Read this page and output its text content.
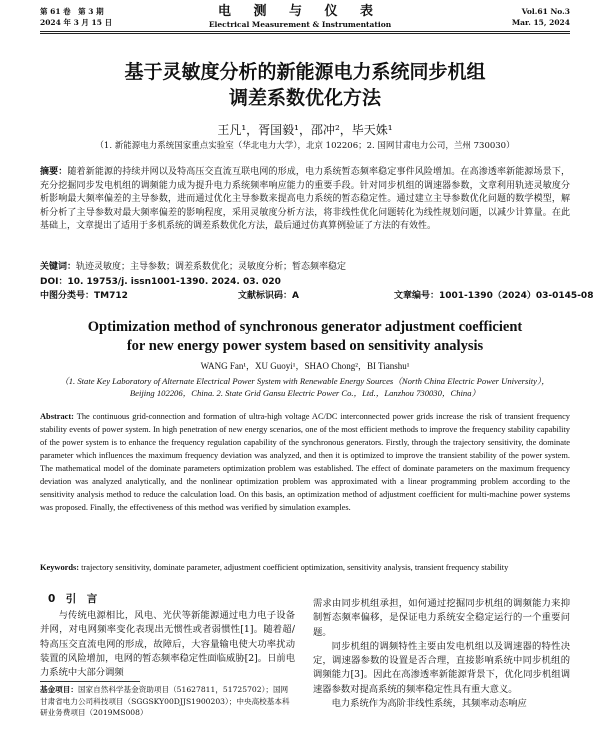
第 61 卷　第 3 期
2024 年 3 月 15 日
电 测 与 仪 表
Electrical Measurement & Instrumentation
Vol.61 No.3
Mar. 15, 2024
基于灵敏度分析的新能源电力系统同步机组
调差系数优化方法
王凡¹，胥国毅¹，邵冲²，毕天姝¹
（1. 新能源电力系统国家重点实验室（华北电力大学），北京 102206；2. 国网甘肃电力公司，兰州 730030）
摘要：随着新能源的持续并网以及特高压交直流互联电网的形成，电力系统暂态频率稳定事件风险增加。在高渗透率新能源场景下，充分挖掘同步发电机组的调频能力成为提升电力系统频率响应能力的重要手段。针对同步机组的调速器参数，文章利用轨迹灵敏度分析影响最大频率偏差的主导参数，进而通过优化主导参数来提高电力系统的暂态稳定性。通过建立主导参数优化问题的数学模型，解析分析了主导参数对最大频率偏差的影响程度，采用灵敏度分析方法，将非线性优化问题转化为线性规划问题，以减少计算量。在此基础上，文章提出了适用于多机系统的调差系数优化方法，最后通过仿真算例验证了方法的有效性。
关键词：轨迹灵敏度；主导参数；调差系数优化；灵敏度分析；暂态频率稳定
DOI：10. 19753/j. issn1001-1390. 2024. 03. 020
中图分类号：TM712	文献标识码：A	文章编号：1001-1390（2024）03-0145-08
Optimization method of synchronous generator adjustment coefficient
for new energy power system based on sensitivity analysis
WANG Fan¹，XU Guoyi¹，SHAO Chong²，BI Tianshu¹
（1. State Key Laboratory of Alternate Electrical Power System with Renewable Energy Sources（North China Electric Power University），Beijing 102206，China. 2. State Grid Gansu Electric Power Co.，Ltd.，Lanzhou 730030，China）
Abstract: The continuous grid-connection and formation of ultra-high voltage AC/DC interconnected power grids increase the risk of transient frequency stability events of power system. In high penetration of new energy scenarios, one of the most efficient methods to improve the frequency stability capability of the power system is to enhance the frequency regulation capability of the synchronous generators. Firstly, through the trajectory sensitivity, the dominate parameter which influences the maximum frequency deviation was analyzed, and then it is optimized to improve the transient stability of the power system. The mathematical model of the dominate parameters optimization problem was established. The effect of dominate parameters on the maximum frequency deviation was analyzed analytically, and the nonlinear optimization problem was approximated with a linear programming problem according to the sensitivity analysis method to reduce the calculation load. On this basis, an optimization method of adjustment coefficient for multi-machine power systems was proposed. Finally, the effectiveness of this method was verified by simulation examples.
Keywords: trajectory sensitivity, dominate parameter, adjustment coefficient optimization, sensitivity analysis, transient frequency stability
0　引　言

与传统电源相比，风电、光伏等新能源通过电力电子设备并网，对电网频率变化表现出无惯性或者弱惯性[1]。随着超/特高压交直流电网的形成，故障后，大容量输电使大功率扰动装置的风险增加，电网的暂态频率稳定性面临威胁[2]。日前电力系统中大部分调频

需求由同步机组承担，如何通过挖掘同步机组的调频能力来抑制暂态频率偏移，是保证电力系统安全稳定运行的一个重要问题。

同步机组的调频特性主要由发电机组以及调速器的特性决定，调速器参数的设置是否合理，直接影响系统中同步机组的调频能力[3]。因此在高渗透率新能源背景下，优化同步机组调速器参数对提高系统的频率稳定性具有重大意义。

电力系统作为高阶非线性系统，其频率动态响应

基金项目：国家自然科学基金资助项目（51627811，51725702）；国网甘肃省电力公司科技项目（SGGSKY00DJJS1900203）；中央高校基本科研业务费项目（2019MS008）
